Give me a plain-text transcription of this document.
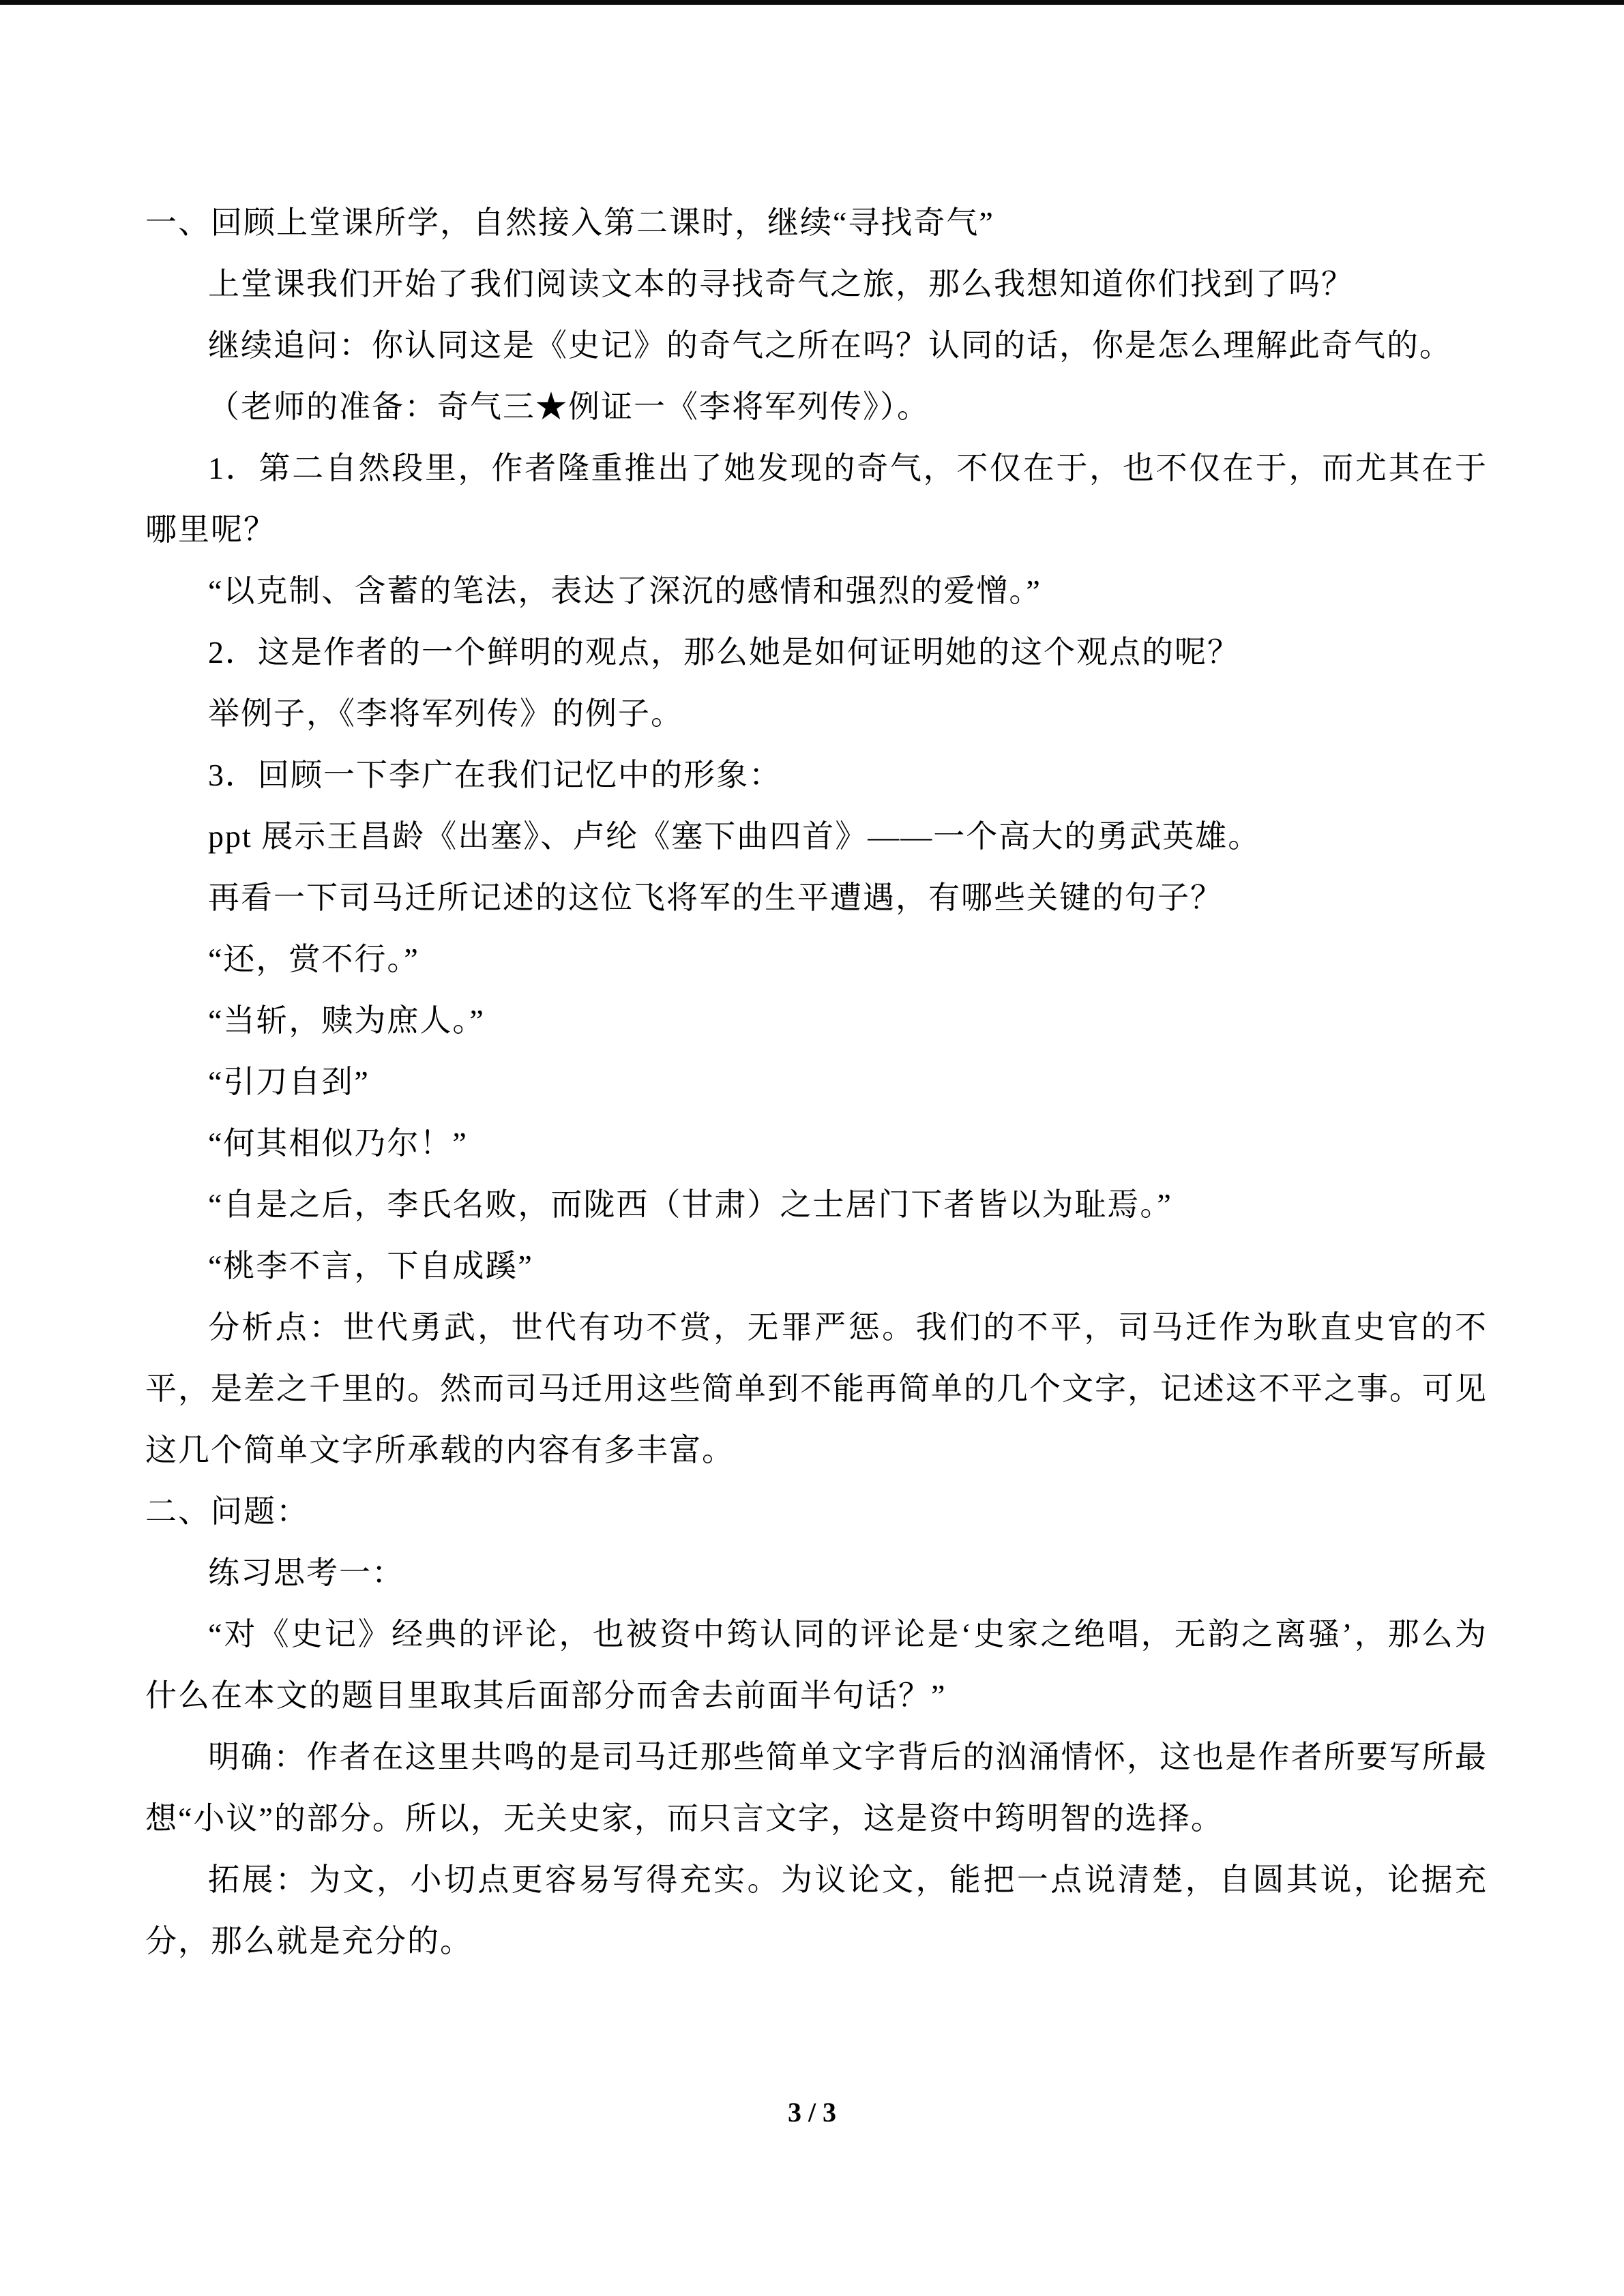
一、回顾上堂课所学，自然接入第二课时，继续“寻找奇气”

上堂课我们开始了我们阅读文本的寻找奇气之旅，那么我想知道你们找到了吗？

继续追问：你认同这是《史记》的奇气之所在吗？认同的话，你是怎么理解此奇气的。

（老师的准备：奇气三★例证一《李将军列传》）。

1．第二自然段里，作者隆重推出了她发现的奇气，不仅在于，也不仅在于，而尤其在于哪里呢？

“以克制、含蓄的笔法，表达了深沉的感情和强烈的爱憎。”

2．这是作者的一个鲜明的观点，那么她是如何证明她的这个观点的呢？

举例子，《李将军列传》的例子。

3．回顾一下李广在我们记忆中的形象：

ppt 展示王昌龄《出塞》、卢纶《塞下曲四首》——一个高大的勇武英雄。

再看一下司马迁所记述的这位飞将军的生平遭遇，有哪些关键的句子？

“还，赏不行。”

“当斩，赎为庶人。”

“引刀自刭”

“何其相似乃尔！”

“自是之后，李氏名败，而陇西（甘肃）之士居门下者皆以为耻焉。”

“桃李不言，下自成蹊”

分析点：世代勇武，世代有功不赏，无罪严惩。我们的不平，司马迁作为耿直史官的不平，是差之千里的。然而司马迁用这些简单到不能再简单的几个文字，记述这不平之事。可见这几个简单文字所承载的内容有多丰富。

二、问题：

练习思考一：

“对《史记》经典的评论，也被资中筠认同的评论是‘史家之绝唱，无韵之离骚’，那么为什么在本文的题目里取其后面部分而舍去前面半句话？”

明确：作者在这里共鸣的是司马迁那些简单文字背后的汹涌情怀，这也是作者所要写所最想“小议”的部分。所以，无关史家，而只言文字，这是资中筠明智的选择。

拓展：为文，小切点更容易写得充实。为议论文，能把一点说清楚，自圆其说，论据充分，那么就是充分的。

3 / 3
